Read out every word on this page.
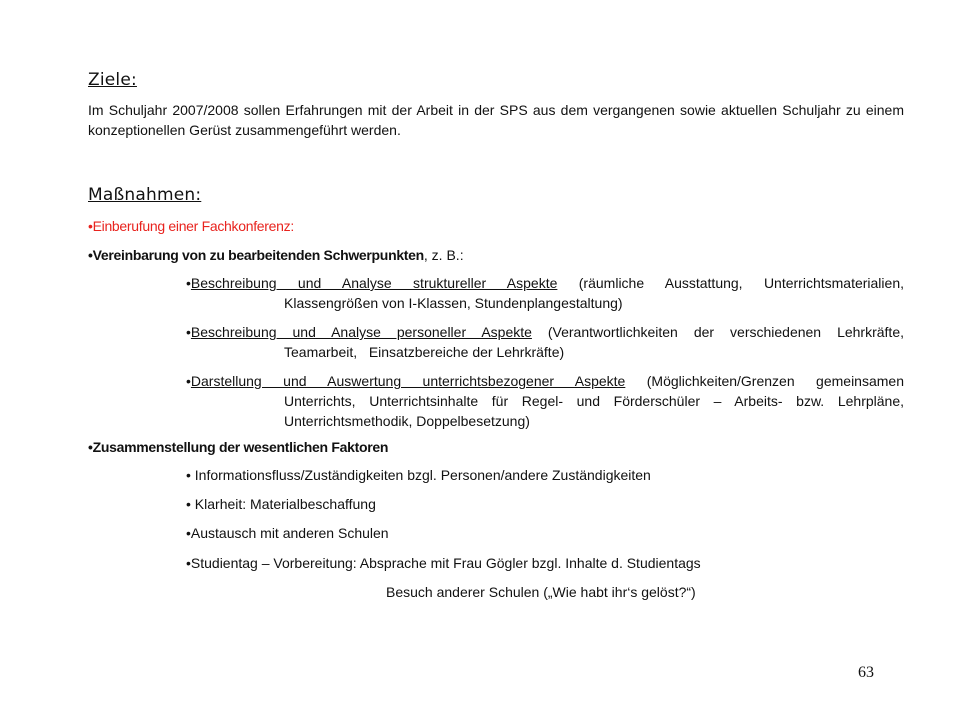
Ziele:
Im Schuljahr 2007/2008 sollen Erfahrungen mit der Arbeit in der SPS aus dem vergangenen sowie aktuellen Schuljahr zu einem konzeptionellen Gerüst zusammengeführt werden.
Maßnahmen:
•Einberufung einer Fachkonferenz:
•Vereinbarung von zu bearbeitenden Schwerpunkten, z. B.:
•Beschreibung und Analyse struktureller Aspekte (räumliche Ausstattung, Unterrichtsmaterialien,
Klassengrößen von I-Klassen, Stundenplangestaltung)
•Beschreibung und Analyse personeller Aspekte (Verantwortlichkeiten der verschiedenen Lehrkräfte,
Teamarbeit,   Einsatzbereiche der Lehrkräfte)
•Darstellung und Auswertung unterrichtsbezogener Aspekte (Möglichkeiten/Grenzen gemeinsamen
Unterrichts, Unterrichtsinhalte für Regel- und Förderschüler – Arbeits- bzw. Lehrpläne, Unterrichtsmethodik, Doppelbesetzung)
•Zusammenstellung der wesentlichen Faktoren
• Informationsfluss/Zuständigkeiten bzgl. Personen/andere Zuständigkeiten
• Klarheit: Materialbeschaffung
•Austausch mit anderen Schulen
•Studientag – Vorbereitung: Absprache mit Frau Gögler bzgl. Inhalte d. Studientags
Besuch anderer Schulen („Wie habt ihr‘s gelöst?“)
63
